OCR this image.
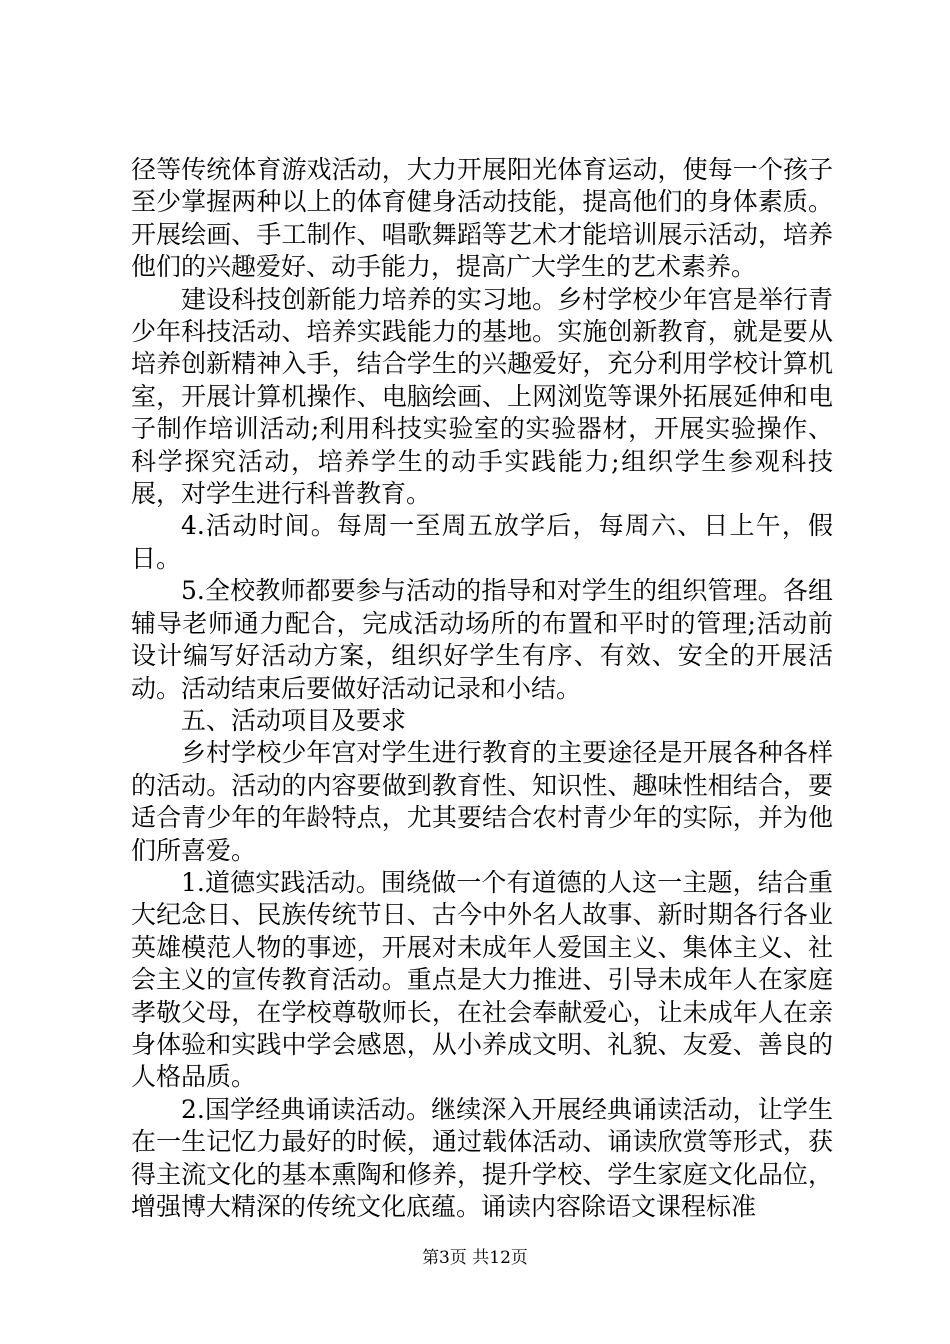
径等传统体育游戏活动，大力开展阳光体育运动，使每一个孩子至少掌握两种以上的体育健身活动技能，提高他们的身体素质。开展绘画、手工制作、唱歌舞蹈等艺术才能培训展示活动，培养他们的兴趣爱好、动手能力，提高广大学生的艺术素养。

建设科技创新能力培养的实习地。乡村学校少年宫是举行青少年科技活动、培养实践能力的基地。实施创新教育，就是要从培养创新精神入手，结合学生的兴趣爱好，充分利用学校计算机室，开展计算机操作、电脑绘画、上网浏览等课外拓展延伸和电子制作培训活动;利用科技实验室的实验器材，开展实验操作、科学探究活动，培养学生的动手实践能力;组织学生参观科技展，对学生进行科普教育。

4.活动时间。每周一至周五放学后，每周六、日上午，假日。

5.全校教师都要参与活动的指导和对学生的组织管理。各组辅导老师通力配合，完成活动场所的布置和平时的管理;活动前设计编写好活动方案，组织好学生有序、有效、安全的开展活动。活动结束后要做好活动记录和小结。

五、活动项目及要求

乡村学校少年宫对学生进行教育的主要途径是开展各种各样的活动。活动的内容要做到教育性、知识性、趣味性相结合，要适合青少年的年龄特点，尤其要结合农村青少年的实际，并为他们所喜爱。

1.道德实践活动。围绕做一个有道德的人这一主题，结合重大纪念日、民族传统节日、古今中外名人故事、新时期各行各业英雄模范人物的事迹，开展对未成年人爱国主义、集体主义、社会主义的宣传教育活动。重点是大力推进、引导未成年人在家庭孝敬父母，在学校尊敬师长，在社会奉献爱心，让未成年人在亲身体验和实践中学会感恩，从小养成文明、礼貌、友爱、善良的人格品质。

2.国学经典诵读活动。继续深入开展经典诵读活动，让学生在一生记忆力最好的时候，通过载体活动、诵读欣赏等形式，获得主流文化的基本熏陶和修养，提升学校、学生家庭文化品位，增强博大精深的传统文化底蕴。诵读内容除语文课程标准

第3页 共12页
